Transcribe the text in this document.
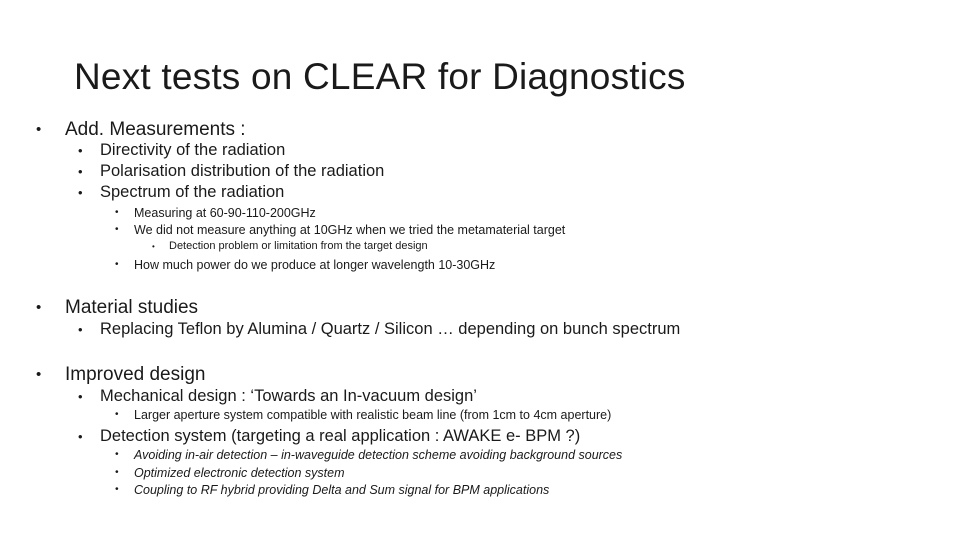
Next tests on CLEAR for Diagnostics
• Add. Measurements :
• Directivity of the radiation
• Polarisation distribution of the radiation
• Spectrum of the radiation
• Measuring at 60-90-110-200GHz
• We did not measure anything at 10GHz when we tried the metamaterial target
• Detection problem or limitation from the target design
• How much power do we produce at longer wavelength 10-30GHz
• Material studies
• Replacing Teflon by Alumina / Quartz / Silicon … depending on bunch spectrum
• Improved design
• Mechanical design : ‘Towards an In-vacuum design’
• Larger aperture system compatible with realistic beam line (from 1cm to 4cm aperture)
• Detection system (targeting a real application : AWAKE e- BPM ?)
• Avoiding in-air detection – in-waveguide detection scheme avoiding background sources
• Optimized electronic detection system
• Coupling to RF hybrid providing Delta and Sum signal for BPM applications
